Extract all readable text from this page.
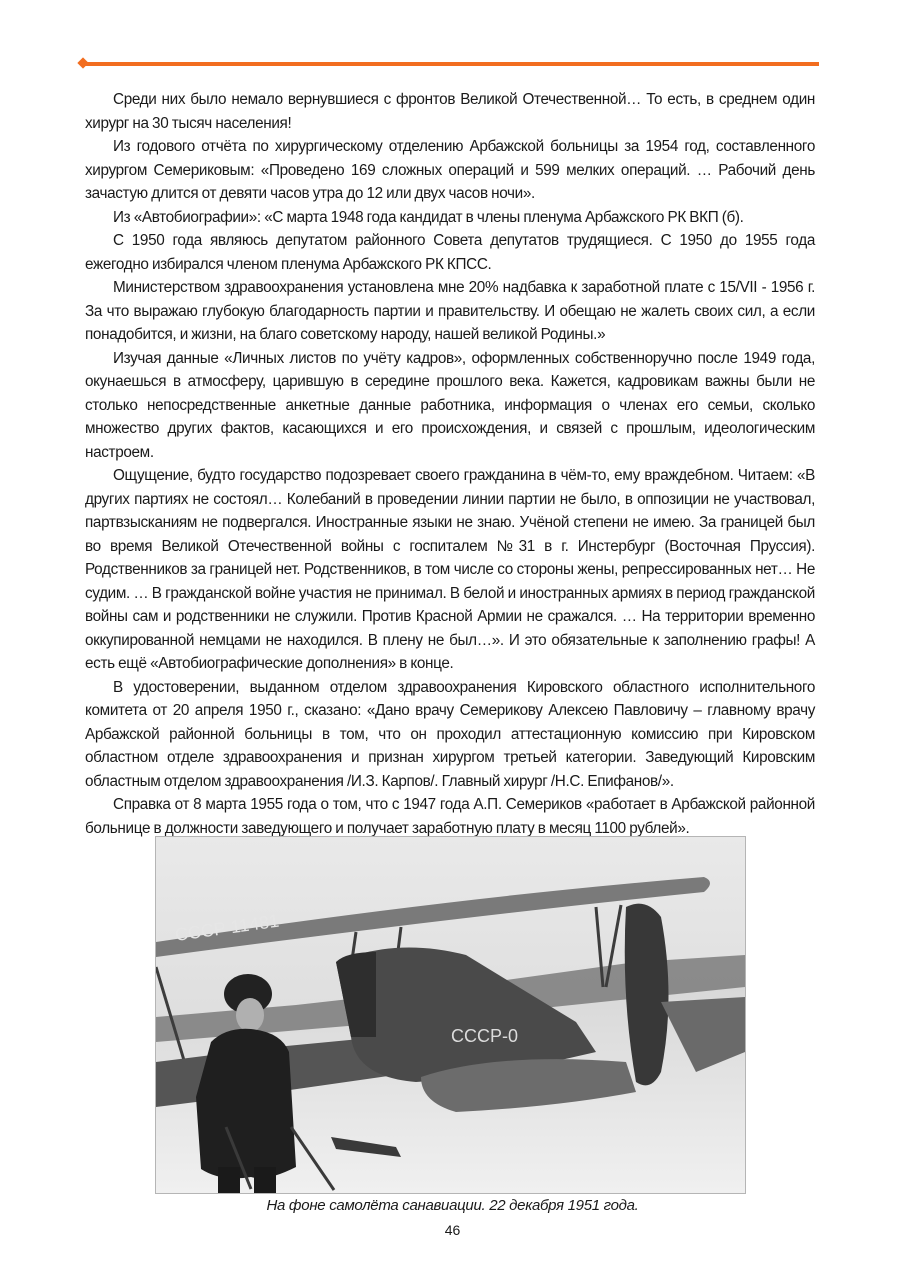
Среди них было немало вернувшиеся с фронтов Великой Отечественной… То есть, в среднем один хирург на 30 тысяч населения!

Из годового отчёта по хирургическому отделению Арбажской больницы за 1954 год, составленного хирургом Семериковым: «Проведено 169 сложных операций и 599 мелких операций. … Рабочий день зачастую длится от девяти часов утра до 12 или двух часов ночи».

Из «Автобиографии»: «С марта 1948 года кандидат в члены пленума Арбажского РК ВКП (б).

С 1950 года являюсь депутатом районного Совета депутатов трудящиеся. С 1950 до 1955 года ежегодно избирался членом пленума Арбажского РК КПСС.

Министерством здравоохранения установлена мне 20% надбавка к заработной плате с 15/VII - 1956 г. За что выражаю глубокую благодарность партии и правительству. И обещаю не жалеть своих сил, а если понадобится, и жизни, на благо советскому народу, нашей великой Родины.»

Изучая данные «Личных листов по учёту кадров», оформленных собственноручно после 1949 года, окунаешься в атмосферу, царившую в середине прошлого века. Кажется, кадровикам важны были не столько непосредственные анкетные данные работника, информация о членах его семьи, сколько множество других фактов, касающихся и его происхождения, и связей с прошлым, идеологическим настроем.

Ощущение, будто государство подозревает своего гражданина в чём-то, ему враждебном. Читаем: «В других партиях не состоял… Колебаний в проведении линии партии не было, в оппозиции не участвовал, партвзысканиям не подвергался. Иностранные языки не знаю. Учёной степени не имею. За границей был во время Великой Отечественной войны с госпиталем №31 в г. Инстербург (Восточная Пруссия). Родственников за границей нет. Родственников, в том числе со стороны жены, репрессированных нет… Не судим. … В гражданской войне участия не принимал. В белой и иностранных армиях в период гражданской войны сам и родственники не служили. Против Красной Армии не сражался. … На территории временно оккупированной немцами не находился. В плену не был…». И это обязательные к заполнению графы! А есть ещё «Автобиографические дополнения» в конце.

В удостоверении, выданном отделом здравоохранения Кировского областного исполнительного комитета от 20 апреля 1950 г., сказано: «Дано врачу Семерикову Алексею Павловичу – главному врачу Арбажской районной больницы в том, что он проходил аттестационную комиссию при Кировском областном отделе здравоохранения и признан хирургом третьей категории. Заведующий Кировским областным отделом здравоохранения /И.З. Карпов/. Главный хирург /Н.С. Епифанов/».

Справка от 8 марта 1955 года о том, что с 1947 года А.П. Семериков «работает в Арбажской районной больнице в должности заведующего и получает заработную плату в месяц 1100 рублей».

СССР 11481
СССР-0
На фоне самолёта санавиации. 22 декабря 1951 года.
46
